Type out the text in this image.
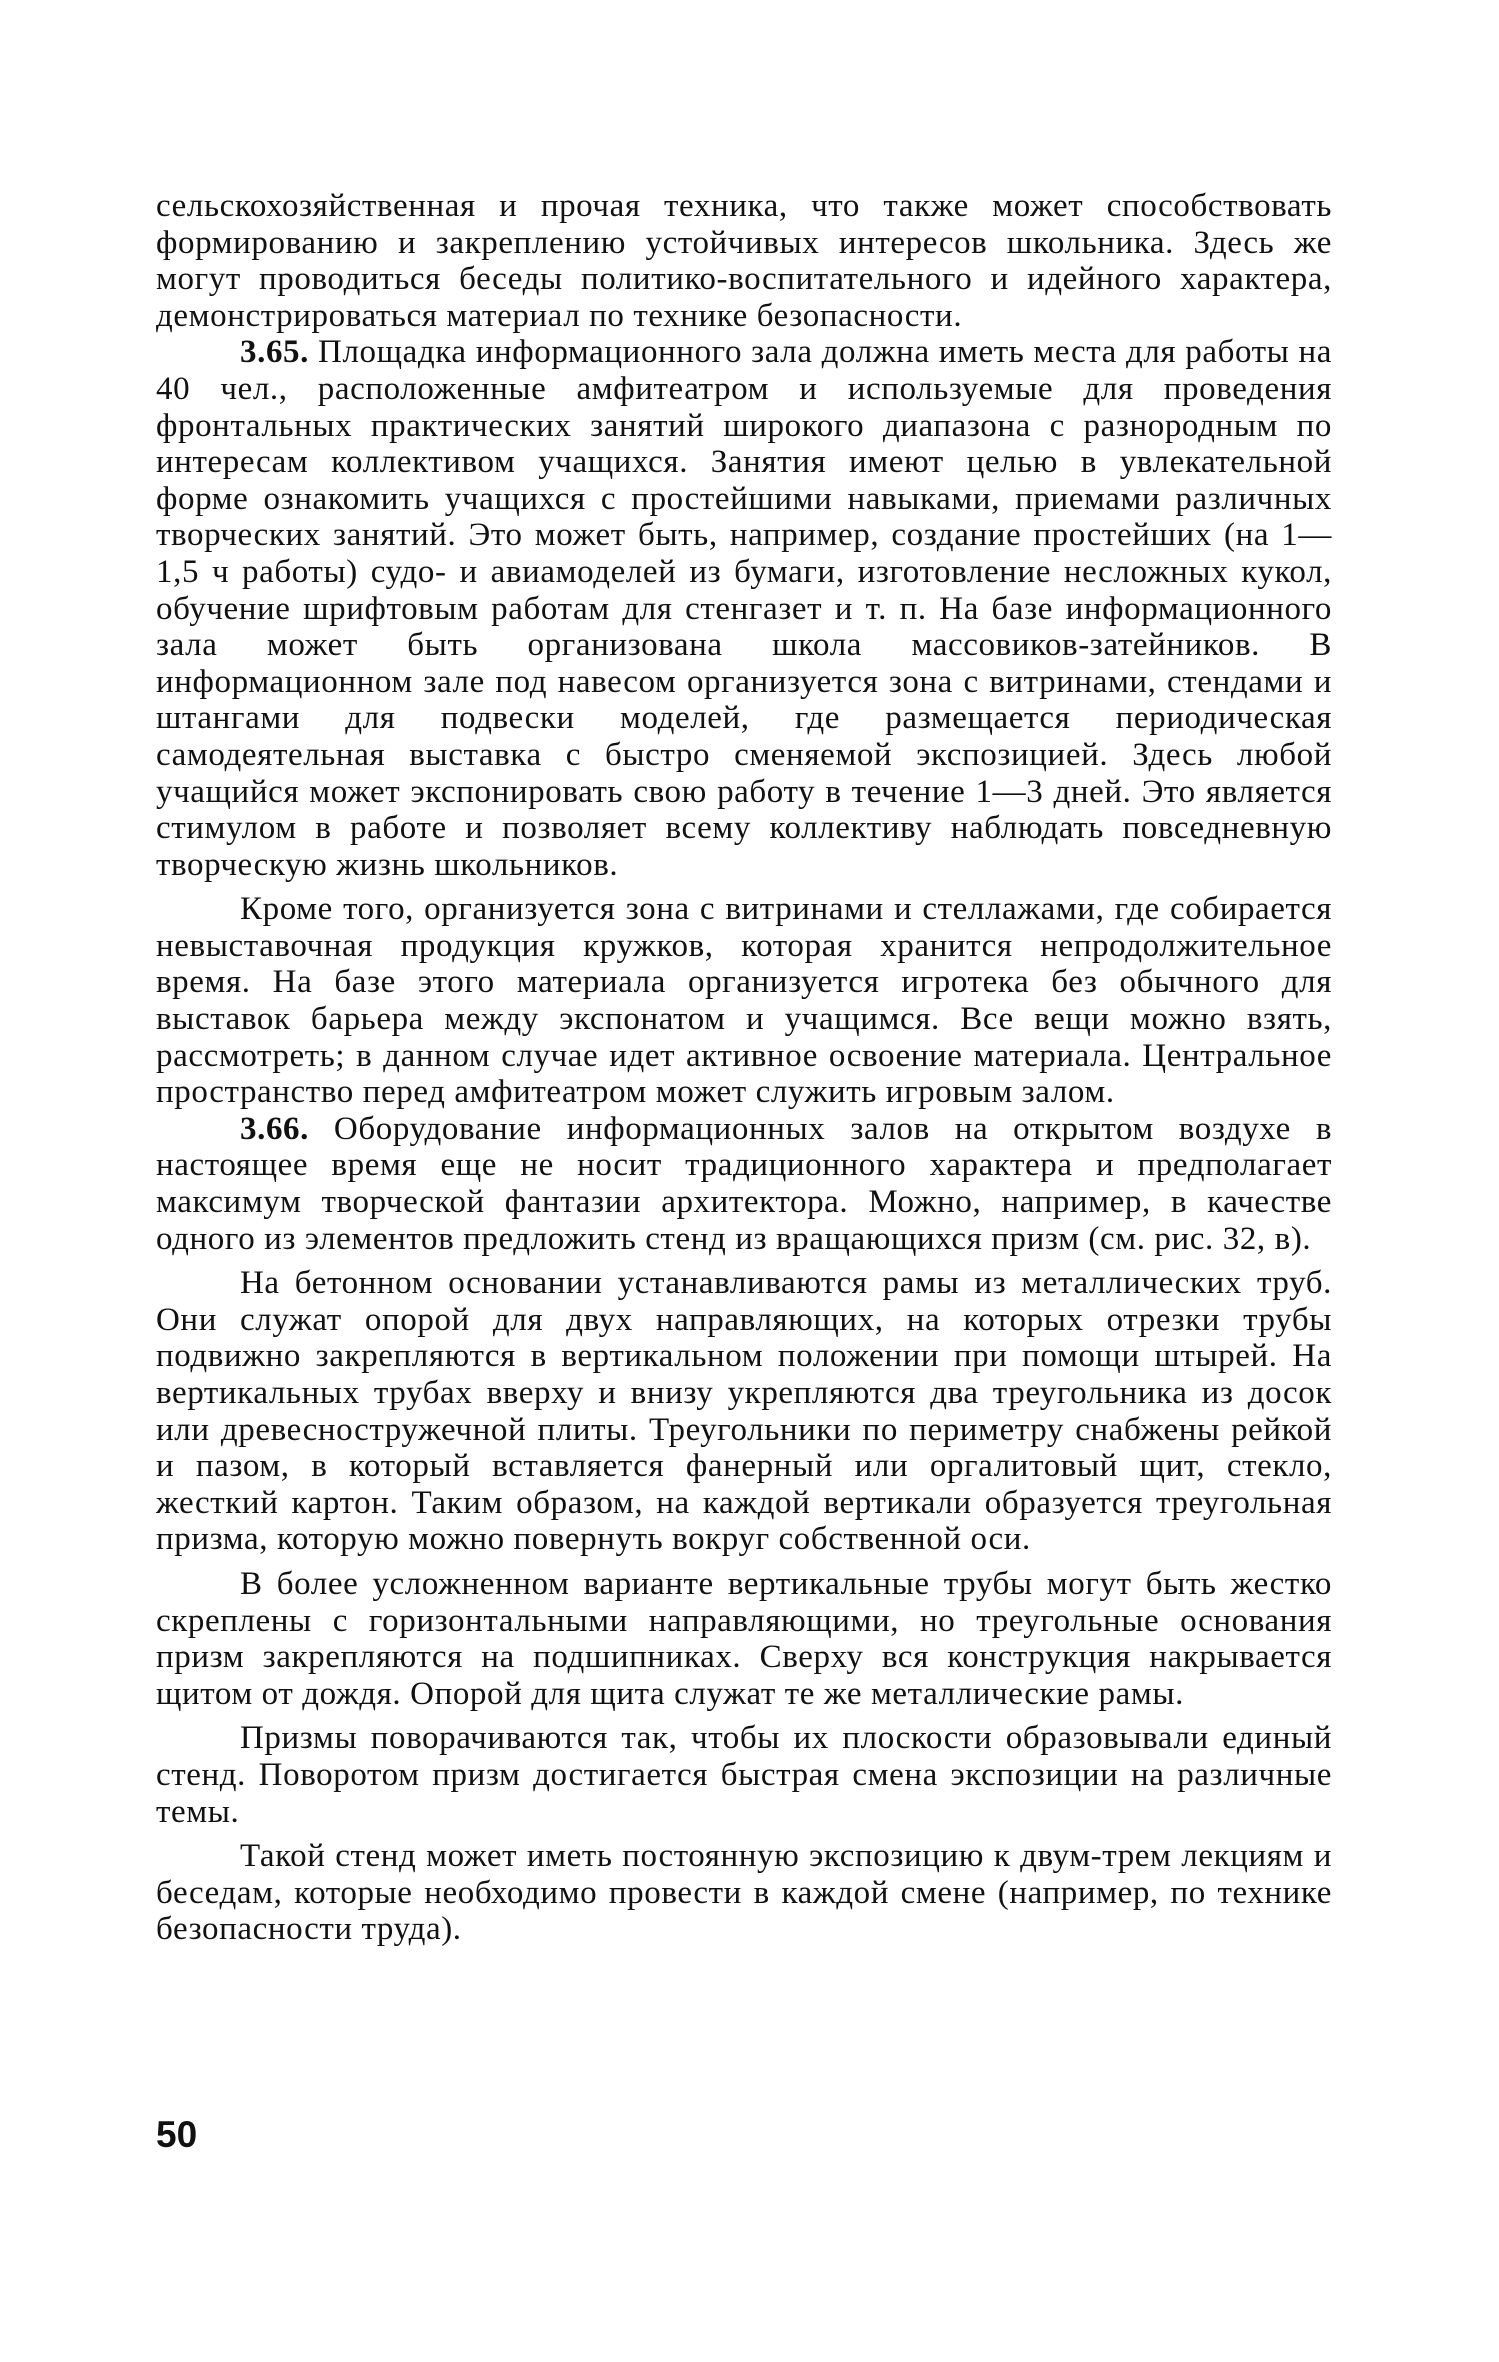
сельскохозяйственная и прочая техника, что также может способствовать формированию и закреплению устойчивых интересов школьника. Здесь же могут проводиться беседы политико-воспитательного и идейного характера, демонстрироваться материал по технике безопасности.

3.65. Площадка информационного зала должна иметь места для работы на 40 чел., расположенные амфитеатром и используемые для проведения фронтальных практических занятий широкого диапазона с разнородным по интересам коллективом учащихся. Занятия имеют целью в увлекательной форме ознакомить учащихся с простейшими навыками, приемами различных творческих занятий. Это может быть, например, создание простейших (на 1—1,5 ч работы) судо- и авиамоделей из бумаги, изготовление несложных кукол, обучение шрифтовым работам для стенгазет и т. п. На базе информационного зала может быть организована школа массовиков-затейников. В информационном зале под навесом организуется зона с витринами, стендами и штангами для подвески моделей, где размещается периодическая самодеятельная выставка с быстро сменяемой экспозицией. Здесь любой учащийся может экспонировать свою работу в течение 1—3 дней. Это является стимулом в работе и позволяет всему коллективу наблюдать повседневную творческую жизнь школьников.

Кроме того, организуется зона с витринами и стеллажами, где собирается невыставочная продукция кружков, которая хранится непродолжительное время. На базе этого материала организуется игротека без обычного для выставок барьера между экспонатом и учащимся. Все вещи можно взять, рассмотреть; в данном случае идет активное освоение материала. Центральное пространство перед амфитеатром может служить игровым залом.

3.66. Оборудование информационных залов на открытом воздухе в настоящее время еще не носит традиционного характера и предполагает максимум творческой фантазии архитектора. Можно, например, в качестве одного из элементов предложить стенд из вращающихся призм (см. рис. 32, в).

На бетонном основании устанавливаются рамы из металлических труб. Они служат опорой для двух направляющих, на которых отрезки трубы подвижно закрепляются в вертикальном положении при помощи штырей. На вертикальных трубах вверху и внизу укрепляются два треугольника из досок или древесностружечной плиты. Треугольники по периметру снабжены рейкой и пазом, в который вставляется фанерный или оргалитовый щит, стекло, жесткий картон. Таким образом, на каждой вертикали образуется треугольная призма, которую можно повернуть вокруг собственной оси.

В более усложненном варианте вертикальные трубы могут быть жестко скреплены с горизонтальными направляющими, но треугольные основания призм закрепляются на подшипниках. Сверху вся конструкция накрывается щитом от дождя. Опорой для щита служат те же металлические рамы.

Призмы поворачиваются так, чтобы их плоскости образовывали единый стенд. Поворотом призм достигается быстрая смена экспозиции на различные темы.

Такой стенд может иметь постоянную экспозицию к двум-трем лекциям и беседам, которые необходимо провести в каждой смене (например, по технике безопасности труда).

50
